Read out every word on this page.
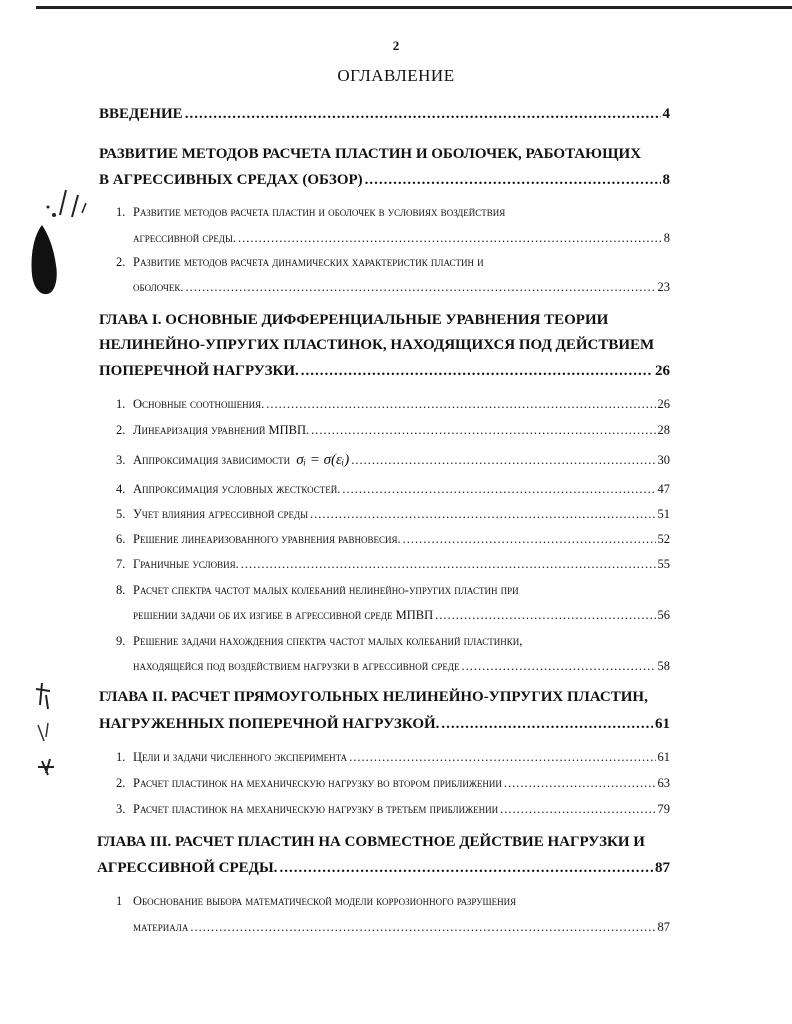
2
ОГЛАВЛЕНИЕ
ВВЕДЕНИЕ .....	4
РАЗВИТИЕ МЕТОДОВ РАСЧЕТА ПЛАСТИН И ОБОЛОЧЕК, РАБОТАЮЩИХ
В АГРЕССИВНЫХ СРЕДАХ (ОБЗОР) .....	8
1. Развитие методов расчета пластин и оболочек в условиях воздействия
агрессивной среды. .....	8
2. Развитие методов расчета динамических характеристик пластин и
оболочек. .....	23
ГЛАВА I. ОСНОВНЫЕ ДИФФЕРЕНЦИАЛЬНЫЕ УРАВНЕНИЯ ТЕОРИИ
НЕЛИНЕЙНО-УПРУГИХ ПЛАСТИНОК, НАХОДЯЩИХСЯ ПОД ДЕЙСТВИЕМ
ПОПЕРЕЧНОЙ НАГРУЗКИ. .....	26
1. Основные соотношения. .....	26
2. Линеаризация уравнений МПВП. .....	28
3. Аппроксимация зависимости σᵢ = σ(εᵢ) .....	30
4. Аппроксимация условных жесткостей. .....	47
5. Учет влияния агрессивной среды .....	51
6. Решение линеаризованного уравнения равновесия. .....	52
7. Граничные условия. .....	55
8. Расчет спектра частот малых колебаний нелинейно-упругих пластин при
решении задачи об их изгибе в агрессивной среде МПВП .....	56
9. Решение задачи нахождения спектра частот малых колебаний пластинки,
находящейся под воздействием нагрузки в агрессивной среде .....	58
ГЛАВА II. РАСЧЕТ ПРЯМОУГОЛЬНЫХ НЕЛИНЕЙНО-УПРУГИХ ПЛАСТИН,
НАГРУЖЕННЫХ ПОПЕРЕЧНОЙ НАГРУЗКОЙ. .....	61
1. Цели и задачи численного эксперимента .....	61
2. Расчет пластинок на механическую нагрузку во втором приближении .....	63
3. Расчет пластинок на механическую нагрузку в третьем приближении .....	79
ГЛАВА III. РАСЧЕТ ПЛАСТИН НА СОВМЕСТНОЕ ДЕЙСТВИЕ НАГРУЗКИ И
АГРЕССИВНОЙ СРЕДЫ. .....	87
1 Обоснование выбора математической модели коррозионного разрушения
материала .....	87
